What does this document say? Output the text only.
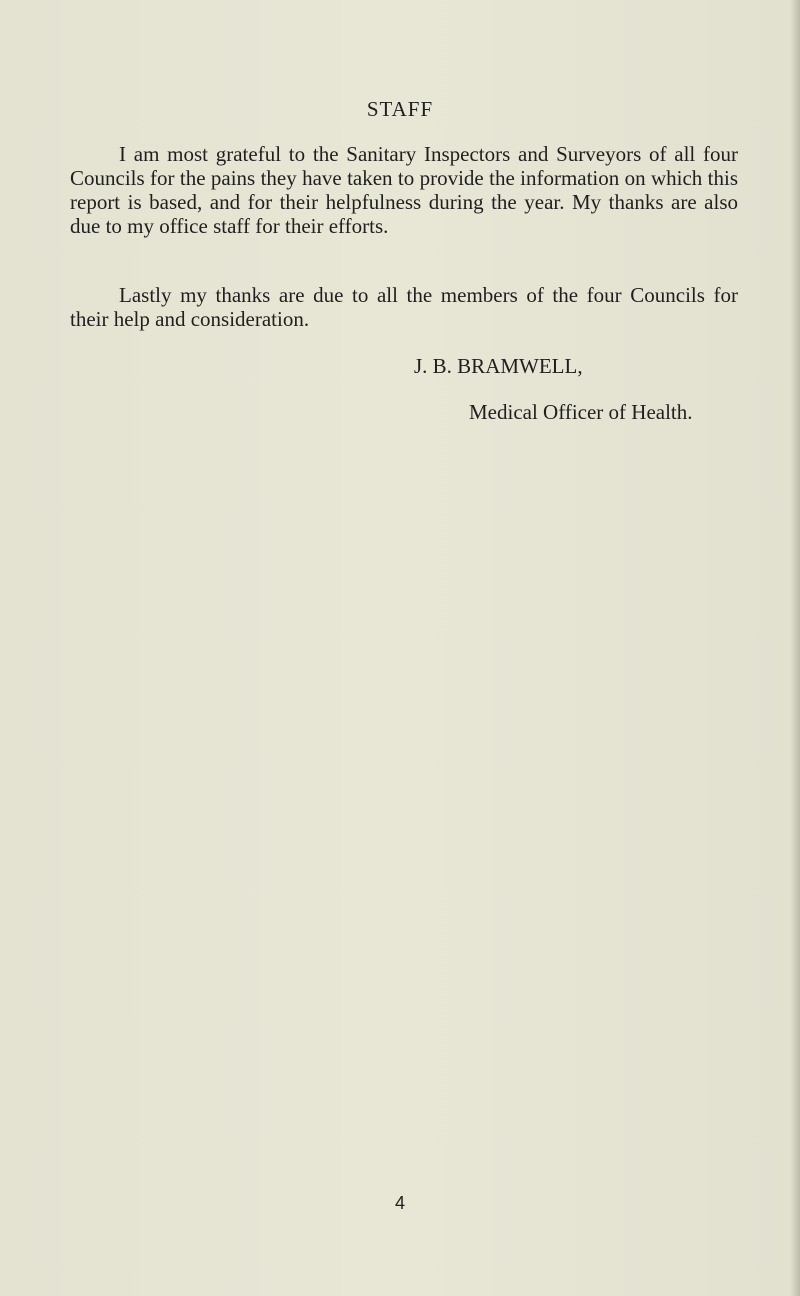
STAFF

I am most grateful to the Sanitary Inspectors and Surveyors of all four Councils for the pains they have taken to provide the information on which this report is based, and for their helpfulness during the year. My thanks are also due to my office staff for their efforts.

Lastly my thanks are due to all the members of the four Councils for their help and consideration.

J. B. BRAMWELL,
Medical Officer of Health.
4
